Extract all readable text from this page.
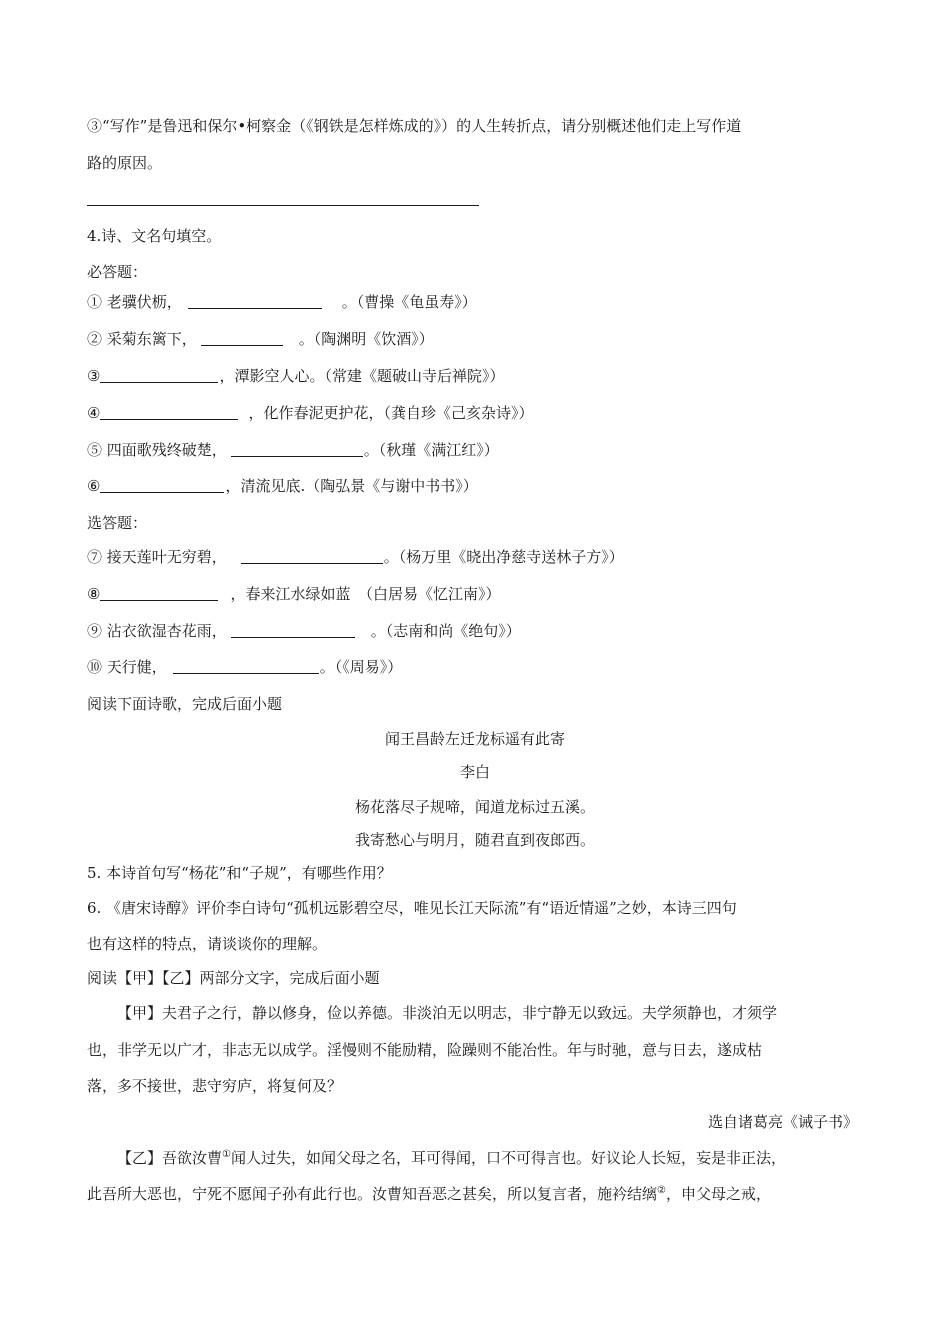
③“写作”是鲁迅和保尔•柯察金（《钢铁是怎样炼成的》）的人生转折点，请分别概述他们走上写作道
路的原因。
4.诗、文名句填空。
必答题：
① 老骥伏枥，	。（曹操《龟虽寿》）
② 采菊东篱下，	。（陶渊明《饮酒》）
③	，潭影空人心。（常建《题破山寺后禅院》）
④	，化作春泥更护花，（龚自珍《己亥杂诗》）
⑤ 四面歌残终破楚，	。（秋瑾《满江红》）
⑥	，清流见底.（陶弘景《与谢中书书》）
选答题：
⑦ 接天莲叶无穷碧，	。（杨万里《晓出净慈寺送林子方》）
⑧	，春来江水绿如蓝　（白居易《忆江南》）
⑨ 沾衣欲湿杏花雨，	。（志南和尚《绝句》）
⑩ 天行健，	。（《周易》）
阅读下面诗歌，完成后面小题
闻王昌龄左迁龙标遥有此寄
李白
杨花落尽子规啼，闻道龙标过五溪。
我寄愁心与明月，随君直到夜郎西。
5. 本诗首句写“杨花”和“子规”，有哪些作用？
6. 《唐宋诗醇》评价李白诗句“孤机远影碧空尽，唯见长江天际流”有“语近情遥”之妙，本诗三四句
也有这样的特点，请谈谈你的理解。
阅读【甲】【乙】两部分文字，完成后面小题
【甲】夫君子之行，静以修身，俭以养德。非淡泊无以明志，非宁静无以致远。夫学须静也，才须学
也，非学无以广才，非志无以成学。淫慢则不能励精，险躁则不能冶性。年与时驰，意与日去，遂成枯
落，多不接世，悲守穷庐，将复何及？
选自诸葛亮《诫子书》
【乙】吾欲汝曹①闻人过失，如闻父母之名，耳可得闻，口不可得言也。好议论人长短，妄是非正法，
此吾所大恶也，宁死不愿闻子孙有此行也。汝曹知吾恶之甚矣，所以复言者，施衿结缡②，申父母之戒，
